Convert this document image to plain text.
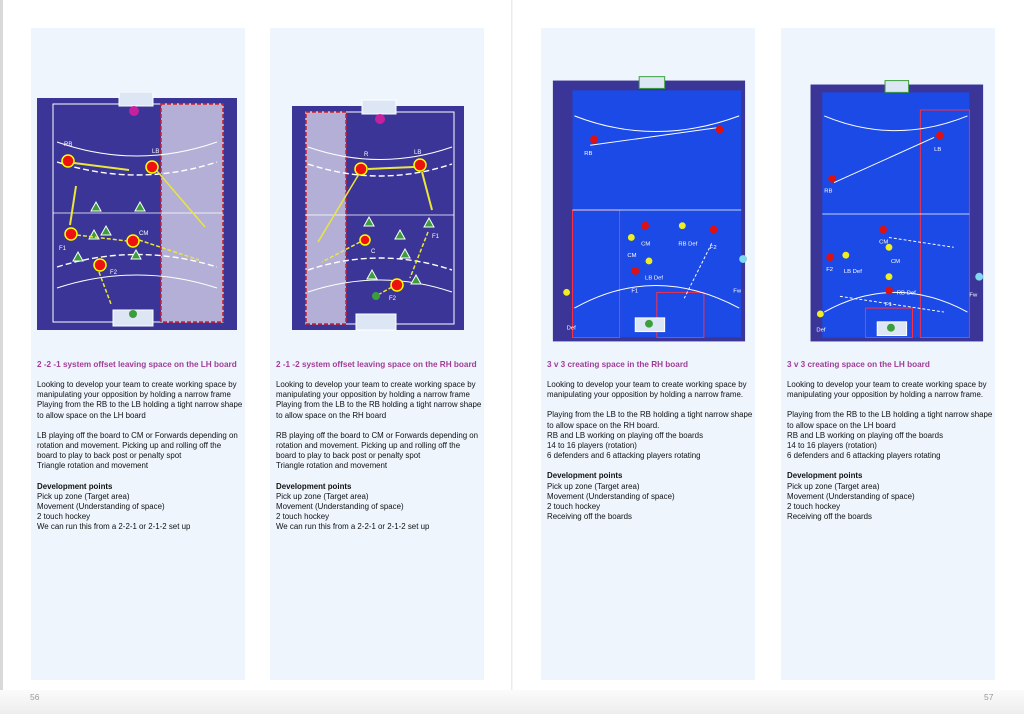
RB
LB
CM
F1
F2
2 -2 -1 system offset leaving space on the LH board

Looking to develop your team to create working space by manipulating your opposition by holding a narrow frame

Playing from the RB to the LB holding a tight narrow shape to allow space on the LH board

LB playing off the board to CM or Forwards depending on rotation and movement. Picking up and rolling off the board to play to back post or penalty spot

Triangle rotation and movement

Development points

Pick up zone (Target area)

Movement (Understanding of space)

2 touch hockey

We can run this from a 2-2-1 or 2-1-2 set up

R	LB
C
F1
F2
2 -1 -2 system offset leaving space on the RH board

Looking to develop your team to create working space by manipulating your opposition by holding a narrow frame

Playing from the LB to the RB holding a tight narrow shape to allow space on the RH board

RB playing off the board to CM or Forwards depending on rotation and movement. Picking up and rolling off the board to play to back post or penalty spot

Triangle rotation and movement

Development points

Pick up zone (Target area)

Movement (Understanding of space)

2 touch hockey

We can run this from a 2-2-1 or 2-1-2 set up

RB
CM	RB Def
F2
CM
LB Def
F1	Fw
Def
3 v 3 creating space in the RH board

Looking to develop your team to create working space by manipulating your opposition by holding a narrow frame.

Playing from the LB to the RB holding a tight narrow shape to allow space on the RH board.

RB and LB working on playing off the boards

14 to 16 players (rotation)

6 defenders and 6 attacking players rotating

Development points

Pick up zone (Target area)

Movement (Understanding of space)

2 touch hockey

Receiving off the boards

LB
RB
CM
F2 LB Def
CM
F1
RB Def	Fw
Def
3 v 3 creating space on the LH board

Looking to develop your team to create working space by manipulating your opposition by holding a narrow frame.

Playing from the RB to the LB holding a tight narrow shape to allow space on the LH board

RB and LB working on playing off the boards

14 to 16 players (rotation)

6 defenders and 6 attacking players rotating

Development points

Pick up zone (Target area)

Movement (Understanding of space)

2 touch hockey

Receiving off the boards

56	57
